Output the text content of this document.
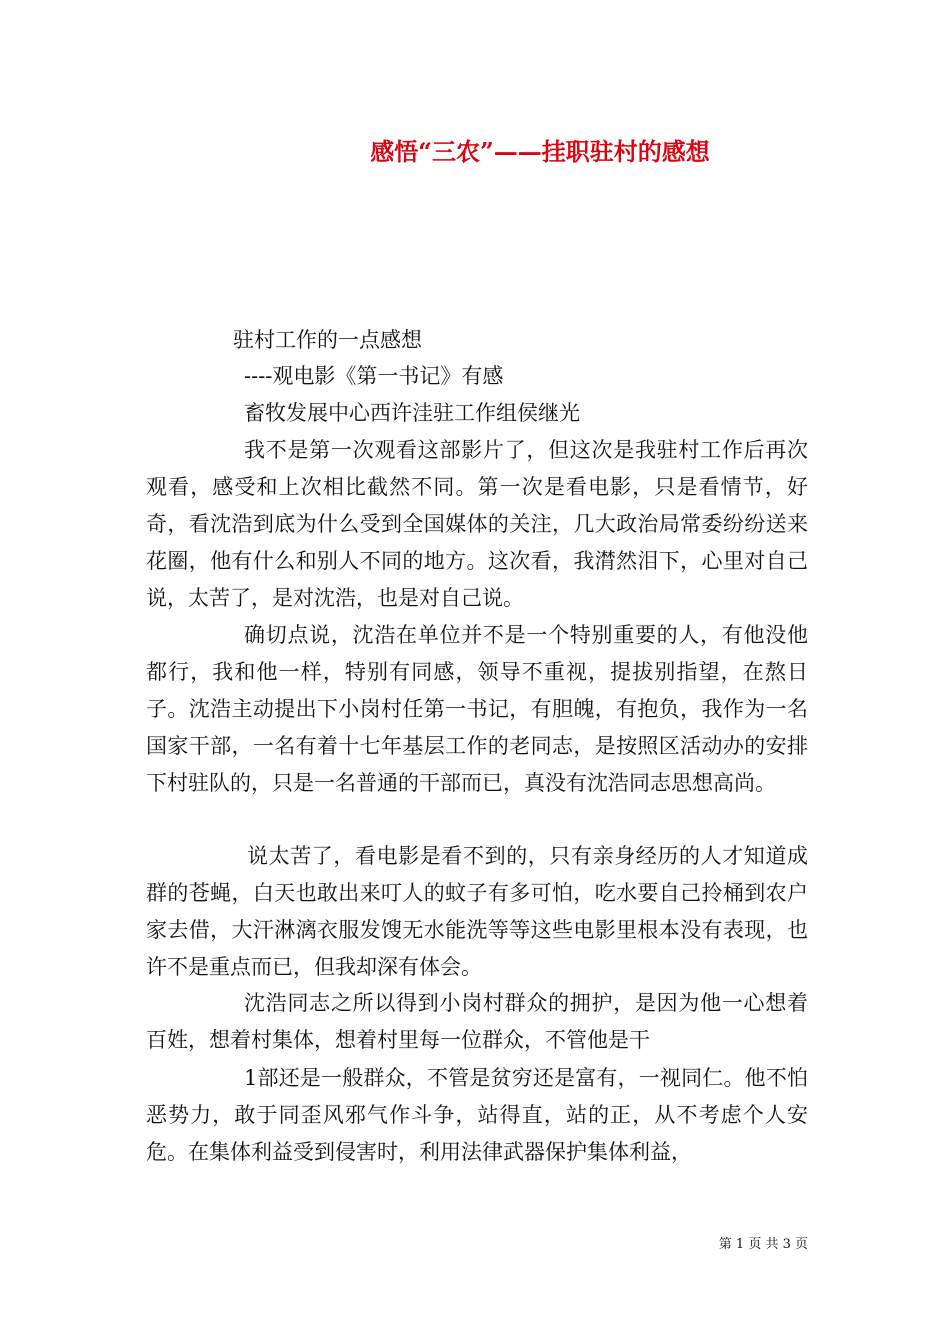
感悟“三农”——挂职驻村的感想
驻村工作的一点感想
----观电影《第一书记》有感
畜牧发展中心西许洼驻工作组侯继光

我不是第一次观看这部影片了，但这次是我驻村工作后再次观看，感受和上次相比截然不同。第一次是看电影，只是看情节，好奇，看沈浩到底为什么受到全国媒体的关注，几大政治局常委纷纷送来花圈，他有什么和别人不同的地方。这次看，我潸然泪下，心里对自己说，太苦了，是对沈浩，也是对自己说。

确切点说，沈浩在单位并不是一个特别重要的人，有他没他都行，我和他一样，特别有同感，领导不重视，提拔别指望，在熬日子。沈浩主动提出下小岗村任第一书记，有胆魄，有抱负，我作为一名国家干部，一名有着十七年基层工作的老同志，是按照区活动办的安排下村驻队的，只是一名普通的干部而已，真没有沈浩同志思想高尚。

说太苦了，看电影是看不到的，只有亲身经历的人才知道成群的苍蝇，白天也敢出来叮人的蚊子有多可怕，吃水要自己拎桶到农户家去借，大汗淋漓衣服发馊无水能洗等等这些电影里根本没有表现，也许不是重点而已，但我却深有体会。

沈浩同志之所以得到小岗村群众的拥护，是因为他一心想着百姓，想着村集体，想着村里每一位群众，不管他是干

1部还是一般群众，不管是贫穷还是富有，一视同仁。他不怕恶势力，敢于同歪风邪气作斗争，站得直，站的正，从不考虑个人安危。在集体利益受到侵害时，利用法律武器保护集体利益，

第 1 页 共 3 页
